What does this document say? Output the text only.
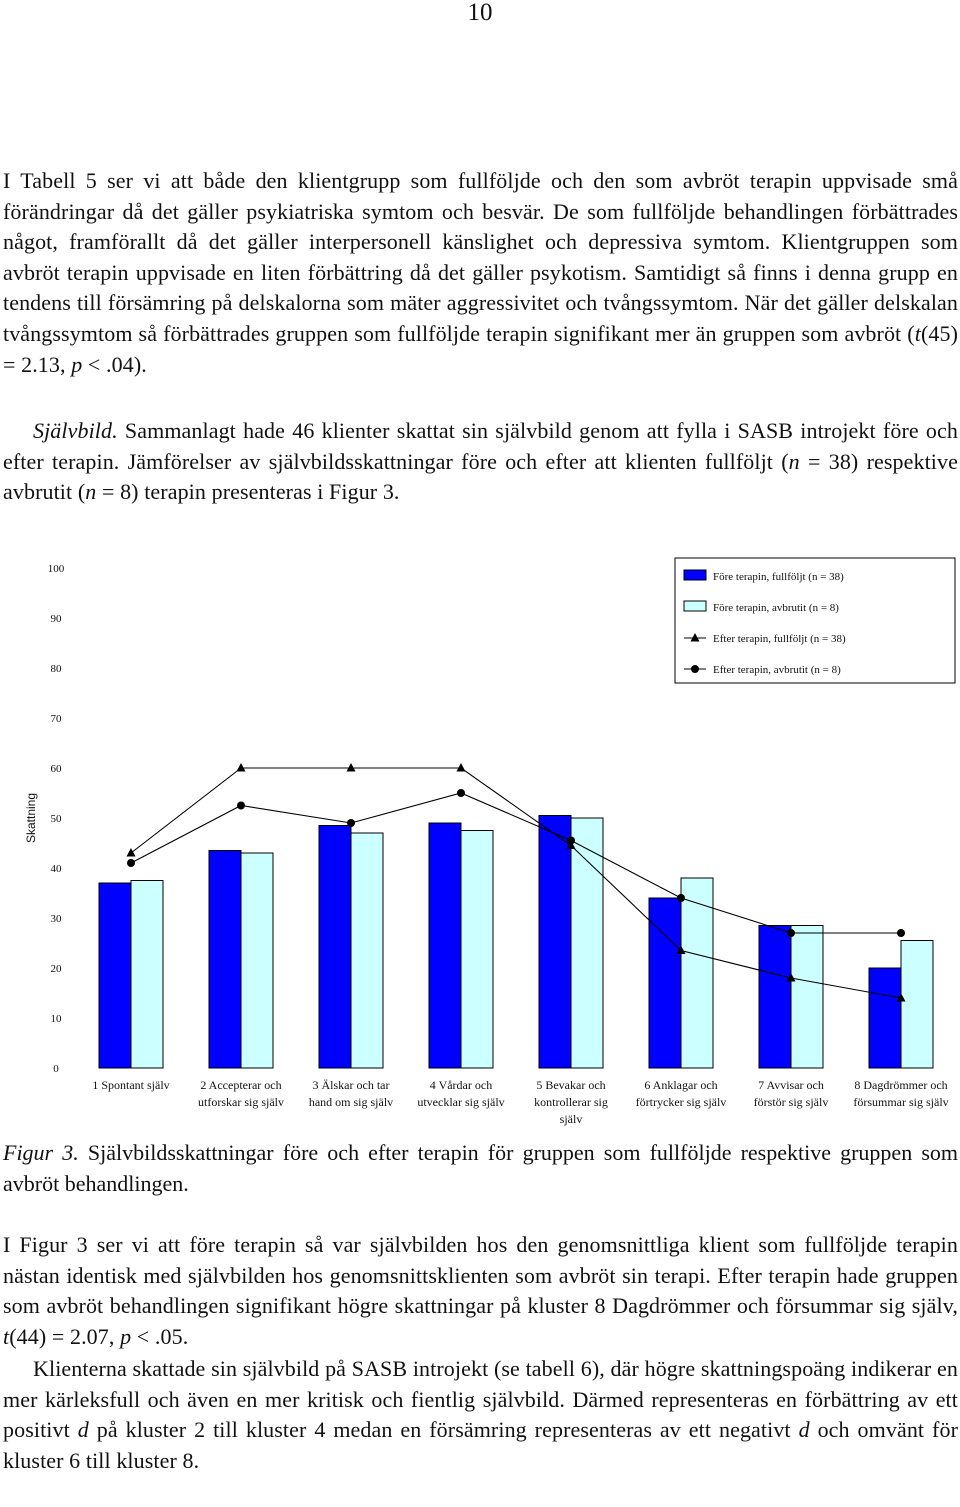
10

I Tabell 5 ser vi att både den klientgrupp som fullföljde och den som avbröt terapin uppvisade små förändringar då det gäller psykiatriska symtom och besvär. De som fullföljde behandlingen förbättrades något, framförallt då det gäller interpersonell känslighet och depressiva symtom. Klientgruppen som avbröt terapin uppvisade en liten förbättring då det gäller psykotism. Samtidigt så finns i denna grupp en tendens till försämring på delskalorna som mäter aggressivitet och tvångssymtom. När det gäller delskalan tvångssymtom så förbättrades gruppen som fullföljde terapin signifikant mer än gruppen som avbröt (t(45) = 2.13, p < .04).

Självbild. Sammanlagt hade 46 klienter skattat sin självbild genom att fylla i SASB introjekt före och efter terapin. Jämförelser av självbildsskattningar före och efter att klienten fullföljt (n = 38) respektive avbrutit (n = 8) terapin presenteras i Figur 3.

0
10
20
30
40
50
60
70
80
90
100
Skattning
1 Spontant själv	2 Accepterar och utforskar sig själv
3 Älskar och tar hand om sig själv
4 Vårdar och utvecklar sig själv
5 Bevakar och kontrollerar sig själv
6 Anklagar och förtrycker sig själv
7 Avvisar och förstör sig själv
8 Dagdrömmer och försummar sig själv
Före terapin, fullföljt (n = 38)
Före terapin, avbrutit (n = 8)
Efter terapin, fullföljt (n = 38)
Efter terapin, avbrutit (n = 8)

Figur 3. Självbildsskattningar före och efter terapin för gruppen som fullföljde respektive gruppen som avbröt behandlingen.

I Figur 3 ser vi att före terapin så var självbilden hos den genomsnittliga klient som fullföljde terapin nästan identisk med självbilden hos genomsnittsklienten som avbröt sin terapi. Efter terapin hade gruppen som avbröt behandlingen signifikant högre skattningar på kluster 8 Dagdrömmer och försummar sig själv, t(44) = 2.07, p < .05.

Klienterna skattade sin självbild på SASB introjekt (se tabell 6), där högre skattningspoäng indikerar en mer kärleksfull och även en mer kritisk och fientlig självbild. Därmed representeras en förbättring av ett positivt d på kluster 2 till kluster 4 medan en försämring representeras av ett negativt d och omvänt för kluster 6 till kluster 8.
